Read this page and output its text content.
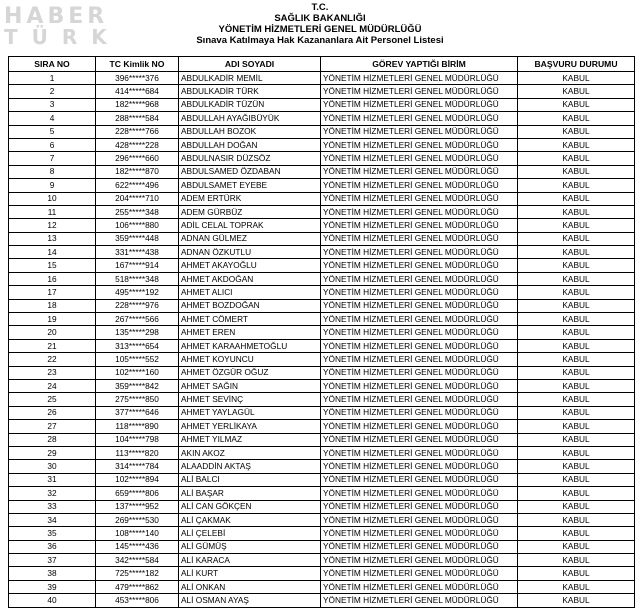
HABER
TÜRK
T.C.
SAĞLIK BAKANLIĞI
YÖNETİM HİZMETLERİ GENEL MÜDÜRLÜĞÜ
Sınava Katılmaya Hak Kazananlara Ait Personel Listesi
SIRA NO	TC Kimlik NO	ADI SOYADI	GÖREV YAPTIĞI BİRİM	BAŞVURU DURUMU
1	396*****376	ABDULKADİR MEMİL	YÖNETİM HİZMETLERİ GENEL MÜDÜRLÜĞÜ	KABUL
2	414*****684	ABDULKADİR TÜRK	YÖNETİM HİZMETLERİ GENEL MÜDÜRLÜĞÜ	KABUL
3	182*****968	ABDULKADİR TÜZÜN	YÖNETİM HİZMETLERİ GENEL MÜDÜRLÜĞÜ	KABUL
4	288*****584	ABDULLAH AYAĞIBÜYÜK	YÖNETİM HİZMETLERİ GENEL MÜDÜRLÜĞÜ	KABUL
5	228*****766	ABDULLAH BOZOK	YÖNETİM HİZMETLERİ GENEL MÜDÜRLÜĞÜ	KABUL
6	428*****228	ABDULLAH DOĞAN	YÖNETİM HİZMETLERİ GENEL MÜDÜRLÜĞÜ	KABUL
7	296*****660	ABDULNASIR DÜZSÖZ	YÖNETİM HİZMETLERİ GENEL MÜDÜRLÜĞÜ	KABUL
8	182*****870	ABDULSAMED ÖZDABAN	YÖNETİM HİZMETLERİ GENEL MÜDÜRLÜĞÜ	KABUL
9	622*****496	ABDULSAMET EYEBE	YÖNETİM HİZMETLERİ GENEL MÜDÜRLÜĞÜ	KABUL
10	204*****710	ADEM ERTÜRK	YÖNETİM HİZMETLERİ GENEL MÜDÜRLÜĞÜ	KABUL
11	255*****348	ADEM GÜRBÜZ	YÖNETİM HİZMETLERİ GENEL MÜDÜRLÜĞÜ	KABUL
12	106*****880	ADİL CELAL TOPRAK	YÖNETİM HİZMETLERİ GENEL MÜDÜRLÜĞÜ	KABUL
13	359*****448	ADNAN GÜLMEZ	YÖNETİM HİZMETLERİ GENEL MÜDÜRLÜĞÜ	KABUL
14	331*****438	ADNAN ÖZKUTLU	YÖNETİM HİZMETLERİ GENEL MÜDÜRLÜĞÜ	KABUL
15	167*****914	AHMET AKAYOĞLU	YÖNETİM HİZMETLERİ GENEL MÜDÜRLÜĞÜ	KABUL
16	518*****348	AHMET AKDOĞAN	YÖNETİM HİZMETLERİ GENEL MÜDÜRLÜĞÜ	KABUL
17	495*****192	AHMET ALICI	YÖNETİM HİZMETLERİ GENEL MÜDÜRLÜĞÜ	KABUL
18	228*****976	AHMET BOZDOĞAN	YÖNETİM HİZMETLERİ GENEL MÜDÜRLÜĞÜ	KABUL
19	267*****566	AHMET CÖMERT	YÖNETİM HİZMETLERİ GENEL MÜDÜRLÜĞÜ	KABUL
20	135*****298	AHMET EREN	YÖNETİM HİZMETLERİ GENEL MÜDÜRLÜĞÜ	KABUL
21	313*****654	AHMET KARAAHMETOĞLU	YÖNETİM HİZMETLERİ GENEL MÜDÜRLÜĞÜ	KABUL
22	105*****552	AHMET KOYUNCU	YÖNETİM HİZMETLERİ GENEL MÜDÜRLÜĞÜ	KABUL
23	102*****160	AHMET ÖZGÜR OĞUZ	YÖNETİM HİZMETLERİ GENEL MÜDÜRLÜĞÜ	KABUL
24	359*****842	AHMET SAĞIN	YÖNETİM HİZMETLERİ GENEL MÜDÜRLÜĞÜ	KABUL
25	275*****850	AHMET SEVİNÇ	YÖNETİM HİZMETLERİ GENEL MÜDÜRLÜĞÜ	KABUL
26	377*****646	AHMET YAYLAGÜL	YÖNETİM HİZMETLERİ GENEL MÜDÜRLÜĞÜ	KABUL
27	118*****890	AHMET YERLİKAYA	YÖNETİM HİZMETLERİ GENEL MÜDÜRLÜĞÜ	KABUL
28	104*****798	AHMET YILMAZ	YÖNETİM HİZMETLERİ GENEL MÜDÜRLÜĞÜ	KABUL
29	113*****820	AKIN AKOZ	YÖNETİM HİZMETLERİ GENEL MÜDÜRLÜĞÜ	KABUL
30	314*****784	ALAADDİN AKTAŞ	YÖNETİM HİZMETLERİ GENEL MÜDÜRLÜĞÜ	KABUL
31	102*****894	ALİ BALCI	YÖNETİM HİZMETLERİ GENEL MÜDÜRLÜĞÜ	KABUL
32	659*****806	ALİ BAŞAR	YÖNETİM HİZMETLERİ GENEL MÜDÜRLÜĞÜ	KABUL
33	137*****952	ALİ CAN GÖKÇEN	YÖNETİM HİZMETLERİ GENEL MÜDÜRLÜĞÜ	KABUL
34	269*****530	ALİ ÇAKMAK	YÖNETİM HİZMETLERİ GENEL MÜDÜRLÜĞÜ	KABUL
35	108*****140	ALİ ÇELEBİ	YÖNETİM HİZMETLERİ GENEL MÜDÜRLÜĞÜ	KABUL
36	145*****436	ALİ GÜMÜŞ	YÖNETİM HİZMETLERİ GENEL MÜDÜRLÜĞÜ	KABUL
37	342*****584	ALİ KARACA	YÖNETİM HİZMETLERİ GENEL MÜDÜRLÜĞÜ	KABUL
38	725*****182	ALİ KURT	YÖNETİM HİZMETLERİ GENEL MÜDÜRLÜĞÜ	KABUL
39	479*****862	ALİ ONKAN	YÖNETİM HİZMETLERİ GENEL MÜDÜRLÜĞÜ	KABUL
40	453*****806	ALİ OSMAN AYAŞ	YÖNETİM HİZMETLERİ GENEL MÜDÜRLÜĞÜ	KABUL
